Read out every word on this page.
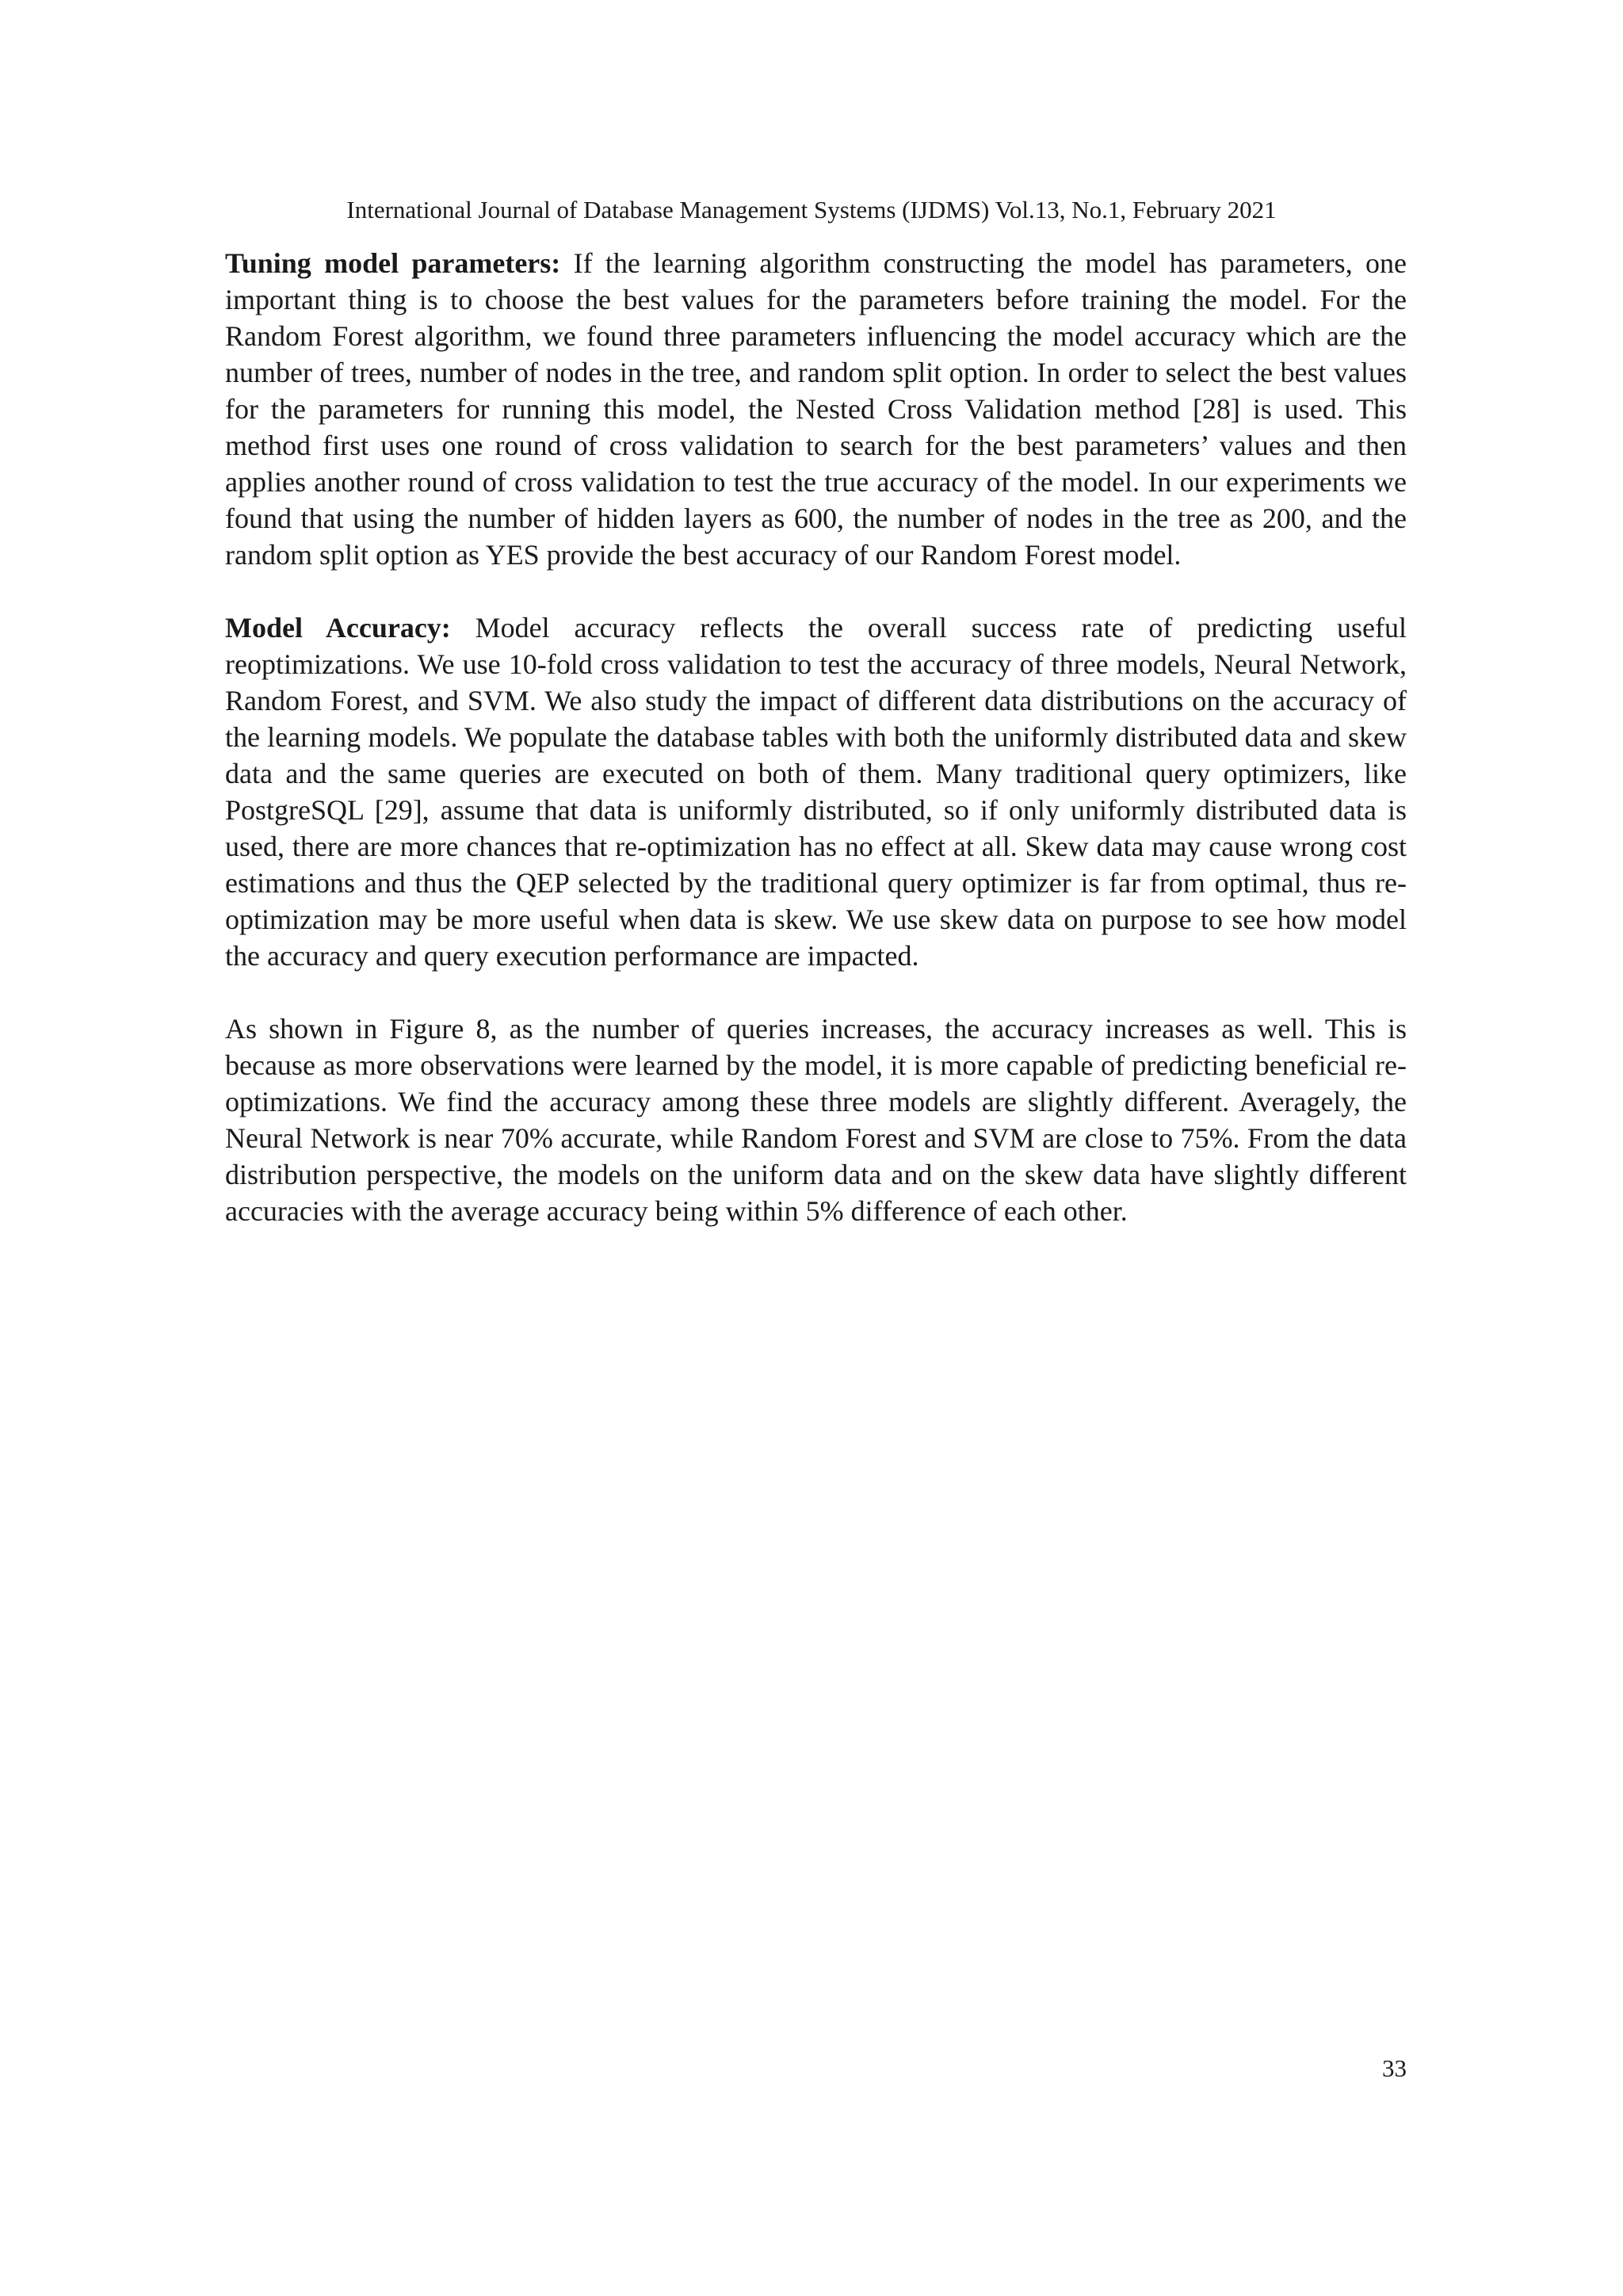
International Journal of Database Management Systems (IJDMS) Vol.13, No.1, February 2021

Tuning model parameters: If the learning algorithm constructing the model has parameters, one important thing is to choose the best values for the parameters before training the model. For the Random Forest algorithm, we found three parameters influencing the model accuracy which are the number of trees, number of nodes in the tree, and random split option. In order to select the best values for the parameters for running this model, the Nested Cross Validation method [28] is used. This method first uses one round of cross validation to search for the best parameters’ values and then applies another round of cross validation to test the true accuracy of the model. In our experiments we found that using the number of hidden layers as 600, the number of nodes in the tree as 200, and the random split option as YES provide the best accuracy of our Random Forest model.

Model Accuracy: Model accuracy reflects the overall success rate of predicting useful reoptimizations. We use 10-fold cross validation to test the accuracy of three models, Neural Network, Random Forest, and SVM. We also study the impact of different data distributions on the accuracy of the learning models. We populate the database tables with both the uniformly distributed data and skew data and the same queries are executed on both of them. Many traditional query optimizers, like PostgreSQL [29], assume that data is uniformly distributed, so if only uniformly distributed data is used, there are more chances that re-optimization has no effect at all. Skew data may cause wrong cost estimations and thus the QEP selected by the traditional query optimizer is far from optimal, thus re-optimization may be more useful when data is skew. We use skew data on purpose to see how model the accuracy and query execution performance are impacted.

As shown in Figure 8, as the number of queries increases, the accuracy increases as well. This is because as more observations were learned by the model, it is more capable of predicting beneficial re-optimizations. We find the accuracy among these three models are slightly different. Averagely, the Neural Network is near 70% accurate, while Random Forest and SVM are close to 75%. From the data distribution perspective, the models on the uniform data and on the skew data have slightly different accuracies with the average accuracy being within 5% difference of each other.

33
